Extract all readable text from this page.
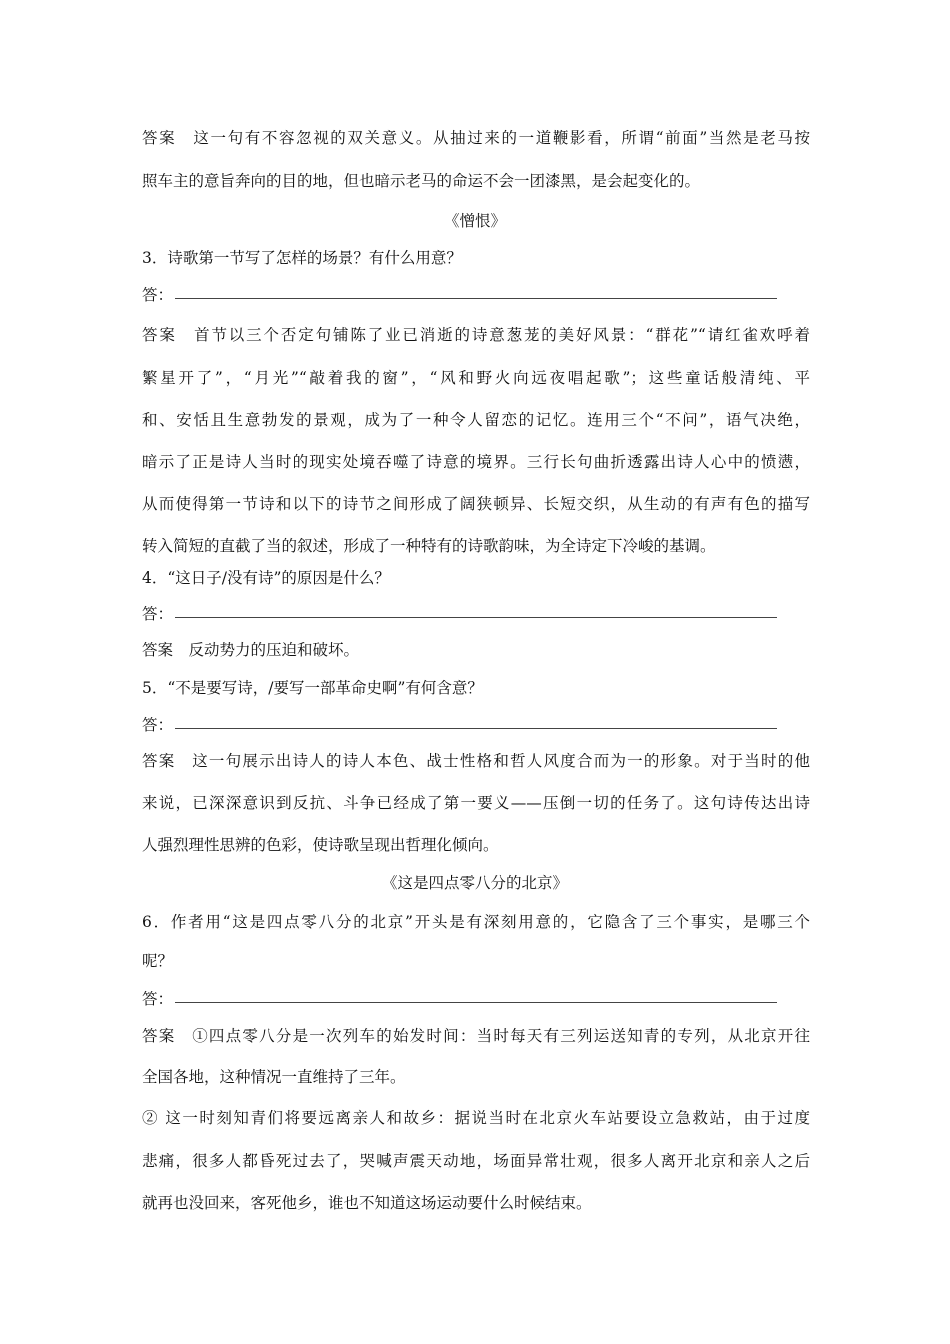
答案　这一句有不容忽视的双关意义。从抽过来的一道鞭影看，所谓“前面”当然是老马按
照车主的意旨奔向的目的地，但也暗示老马的命运不会一团漆黑，是会起变化的。
《憎恨》
3．诗歌第一节写了怎样的场景？有什么用意？
答：
答案　首节以三个否定句铺陈了业已消逝的诗意葱茏的美好风景：“群花”“请红雀欢呼着
繁星开了”，“月光”“敲着我的窗”，“风和野火向远夜唱起歌”；这些童话般清纯、平
和、安恬且生意勃发的景观，成为了一种令人留恋的记忆。连用三个“不问”，语气决绝，
暗示了正是诗人当时的现实处境吞噬了诗意的境界。三行长句曲折透露出诗人心中的愤懑，
从而使得第一节诗和以下的诗节之间形成了阔狭顿异、长短交织，从生动的有声有色的描写
转入简短的直截了当的叙述，形成了一种特有的诗歌韵味，为全诗定下冷峻的基调。
4．“这日子/没有诗”的原因是什么？
答：
答案　反动势力的压迫和破坏。
5．“不是要写诗，/要写一部革命史啊”有何含意？
答：
答案　这一句展示出诗人的诗人本色、战士性格和哲人风度合而为一的形象。对于当时的他
来说，已深深意识到反抗、斗争已经成了第一要义——压倒一切的任务了。这句诗传达出诗
人强烈理性思辨的色彩，使诗歌呈现出哲理化倾向。
《这是四点零八分的北京》
6．作者用“这是四点零八分的北京”开头是有深刻用意的，它隐含了三个事实，是哪三个
呢？
答：
答案　①四点零八分是一次列车的始发时间：当时每天有三列运送知青的专列，从北京开往
全国各地，这种情况一直维持了三年。
② 这一时刻知青们将要远离亲人和故乡：据说当时在北京火车站要设立急救站，由于过度
悲痛，很多人都昏死过去了，哭喊声震天动地，场面异常壮观，很多人离开北京和亲人之后
就再也没回来，客死他乡，谁也不知道这场运动要什么时候结束。
